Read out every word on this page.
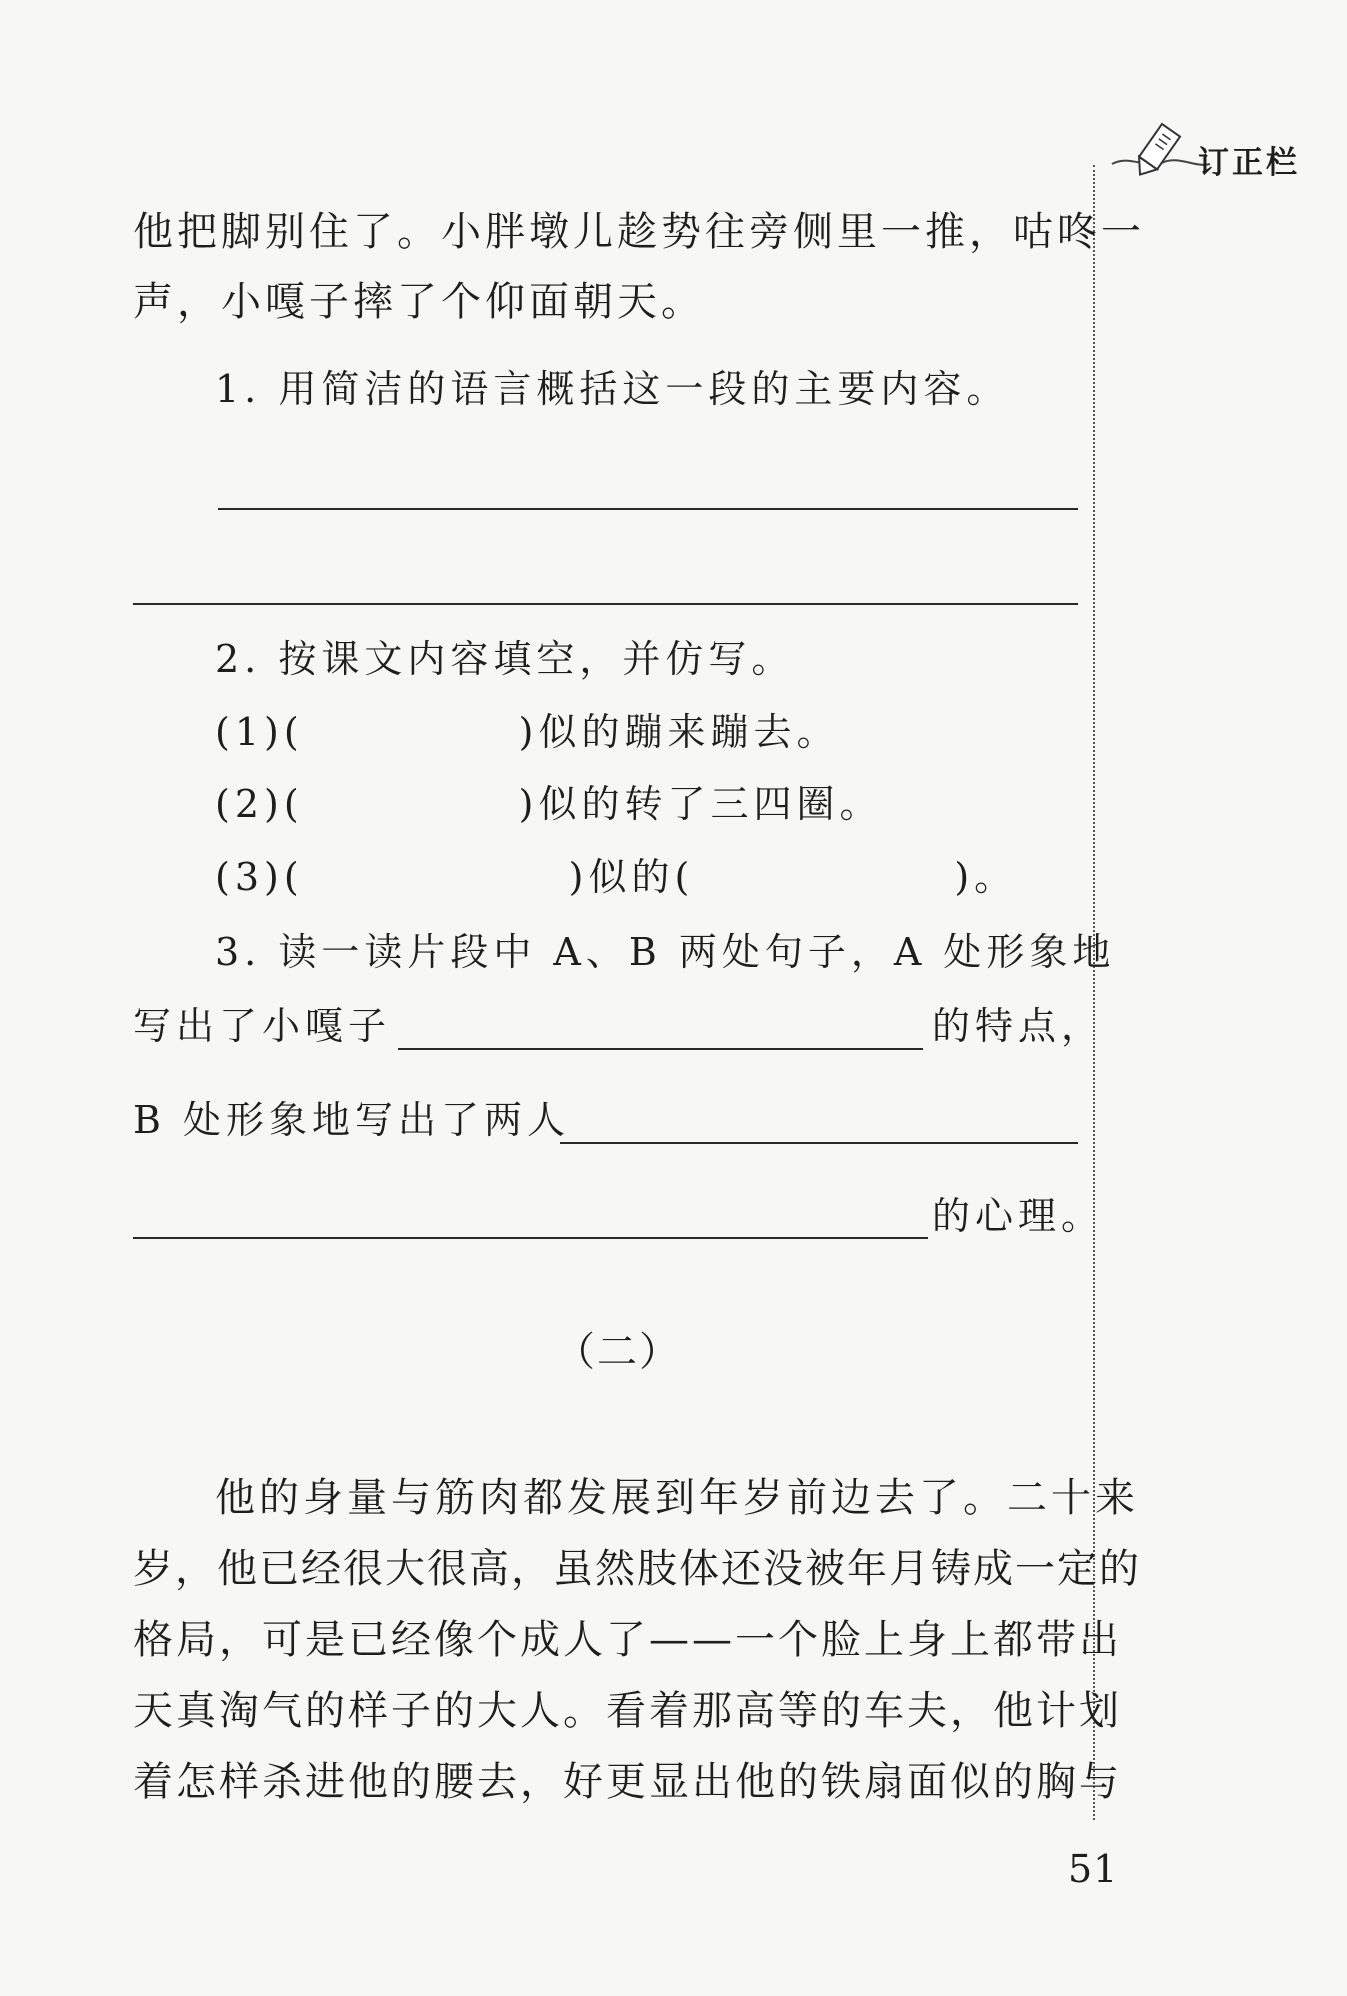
订正栏
他把脚别住了。小胖墩儿趁势往旁侧里一推，咕咚一
声，小嘎子摔了个仰面朝天。
1. 用简洁的语言概括这一段的主要内容。
2. 按课文内容填空，并仿写。
(1)(	)似的蹦来蹦去。
(2)(	)似的转了三四圈。
(3)(	)似的(	)。
3. 读一读片段中 A、B 两处句子，A 处形象地
写出了小嘎子	的特点，
B 处形象地写出了两人
的心理。
（二）
他的身量与筋肉都发展到年岁前边去了。二十来
岁，他已经很大很高，虽然肢体还没被年月铸成一定的
格局，可是已经像个成人了——一个脸上身上都带出
天真淘气的样子的大人。看着那高等的车夫，他计划
着怎样杀进他的腰去，好更显出他的铁扇面似的胸与
51
